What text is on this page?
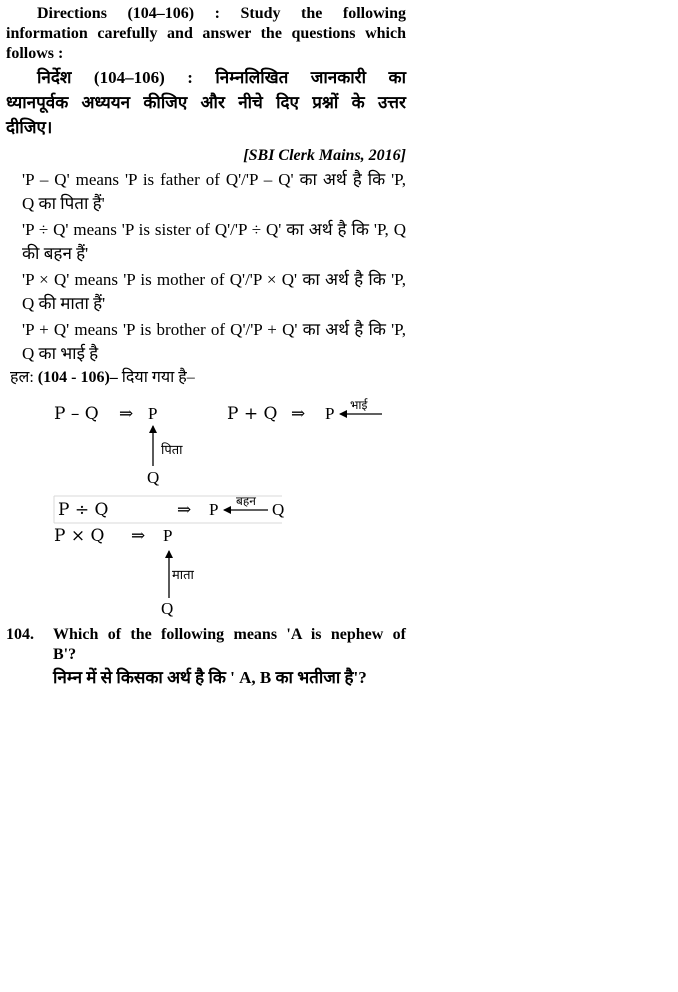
Directions (104–106) : Study the following
information carefully and answer the questions which
follows :
निर्देश (104–106) : निम्नलिखित जानकारी का
ध्यानपूर्वक अध्ययन कीजिए और नीचे दिए प्रश्नों के उत्तर
दीजिए।
[SBI Clerk Mains, 2016]
'P – Q' means 'P is father of Q'/'P – Q' का अर्थ है कि 'P,
Q का पिता हैं'
'P ÷ Q' means 'P is sister of Q'/'P ÷ Q' का अर्थ है कि 'P, Q
की बहन हैं'
'P × Q' means 'P is mother of Q'/'P × Q' का अर्थ है कि 'P,
Q की माता हैं'
'P + Q' means 'P is brother of Q'/'P + Q' का अर्थ है कि 'P,
Q का भाई है
हल: (104 - 106)– दिया गया है–
P – Q ⇒ P
पिता
Q
P + Q ⇒ P भाई
P ÷ Q	⇒ P बहन Q
P × Q ⇒ P
माता
Q
104.	Which of the following means 'A is nephew of
B'?
निम्न में से किसका अर्थ है कि ' A, B का भतीजा है'?
